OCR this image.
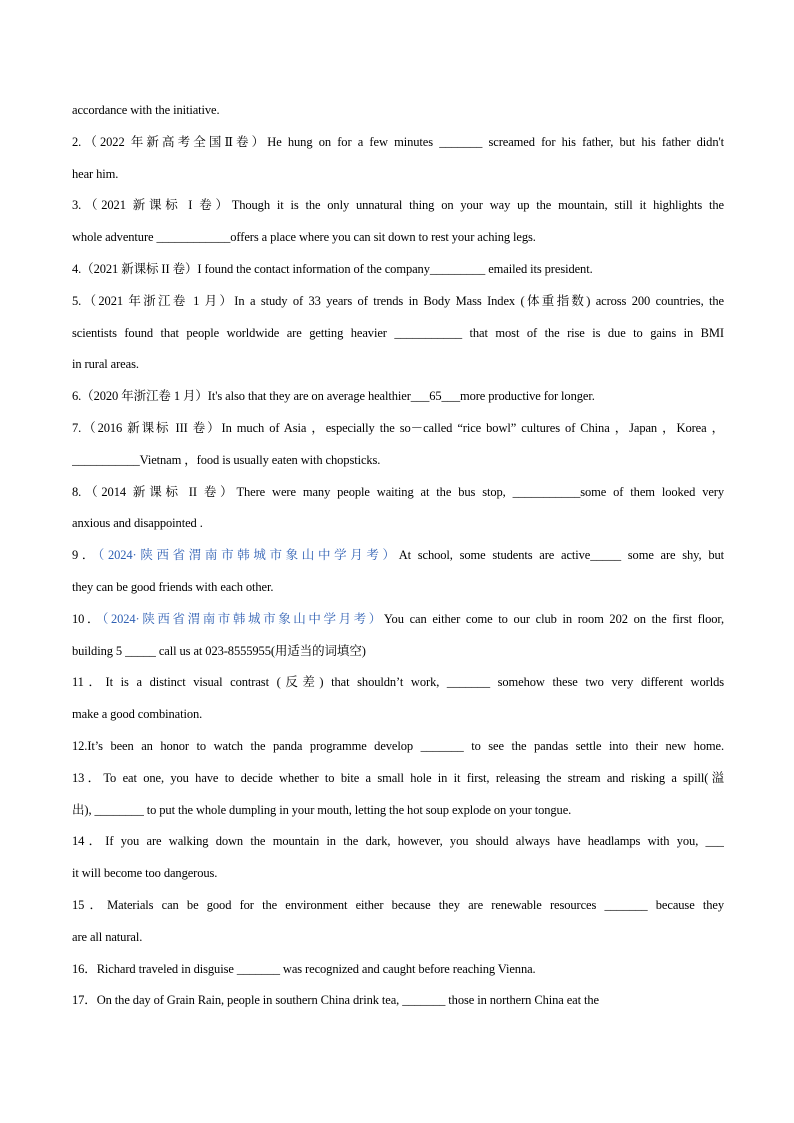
accordance with the initiative.
2.（2022 年新高考全国Ⅱ卷）He hung on for a few minutes _______ screamed for his father, but his father didn't
hear him.
3.（2021 新课标 I 卷）Though it is the only unnatural thing on your way up the mountain, still it highlights the
whole adventure ____________offers a place where you can sit down to rest your aching legs.
4.（2021 新课标 II 卷）I found the contact information of the company_________ emailed its president.
5.（2021 年浙江卷 1 月）In a study of 33 years of trends in Body Mass Index (体重指数) across 200 countries, the
scientists found that people worldwide are getting heavier ___________ that most of the rise is due to gains in BMI
in rural areas.
6.（2020 年浙江卷 1 月）It's also that they are on average healthier___65___more productive for longer.
7.（2016 新课标 III 卷）In much of Asia ，especially the so－called “rice bowl” cultures of China ，Japan ，Korea ，
___________Vietnam ，food is usually eaten with chopsticks.
8.（2014 新课标 II 卷）There were many people waiting at the bus stop, ___________some of them looked very
anxious and disappointed .
9．（2024·陕西省渭南市韩城市象山中学月考）At school, some students are active_____ some are shy, but
they can be good friends with each other.
10．（2024·陕西省渭南市韩城市象山中学月考）You can either come to our club in room 202 on the first floor,
building 5 _____ call us at 023-8555955(用适当的词填空)
11．It is a distinct visual contrast (反差) that shouldn’t work, _______ somehow these two very different worlds
make a good combination.
12.It’s been an honor to watch the panda programme develop _______ to see the pandas settle into their new home.
13．To eat one, you have to decide whether to bite a small hole in it first, releasing the stream and risking a spill(溢
出), ________ to put the whole dumpling in your mouth, letting the hot soup explode on your tongue.
14．If you are walking down the mountain in the dark, however, you should always have headlamps with you, ___
it will become too dangerous.
15．Materials can be good for the environment either because they are renewable resources _______ because they
are all natural.
16．Richard traveled in disguise _______ was recognized and caught before reaching Vienna.
17．On the day of Grain Rain, people in southern China drink tea, _______ those in northern China eat the
